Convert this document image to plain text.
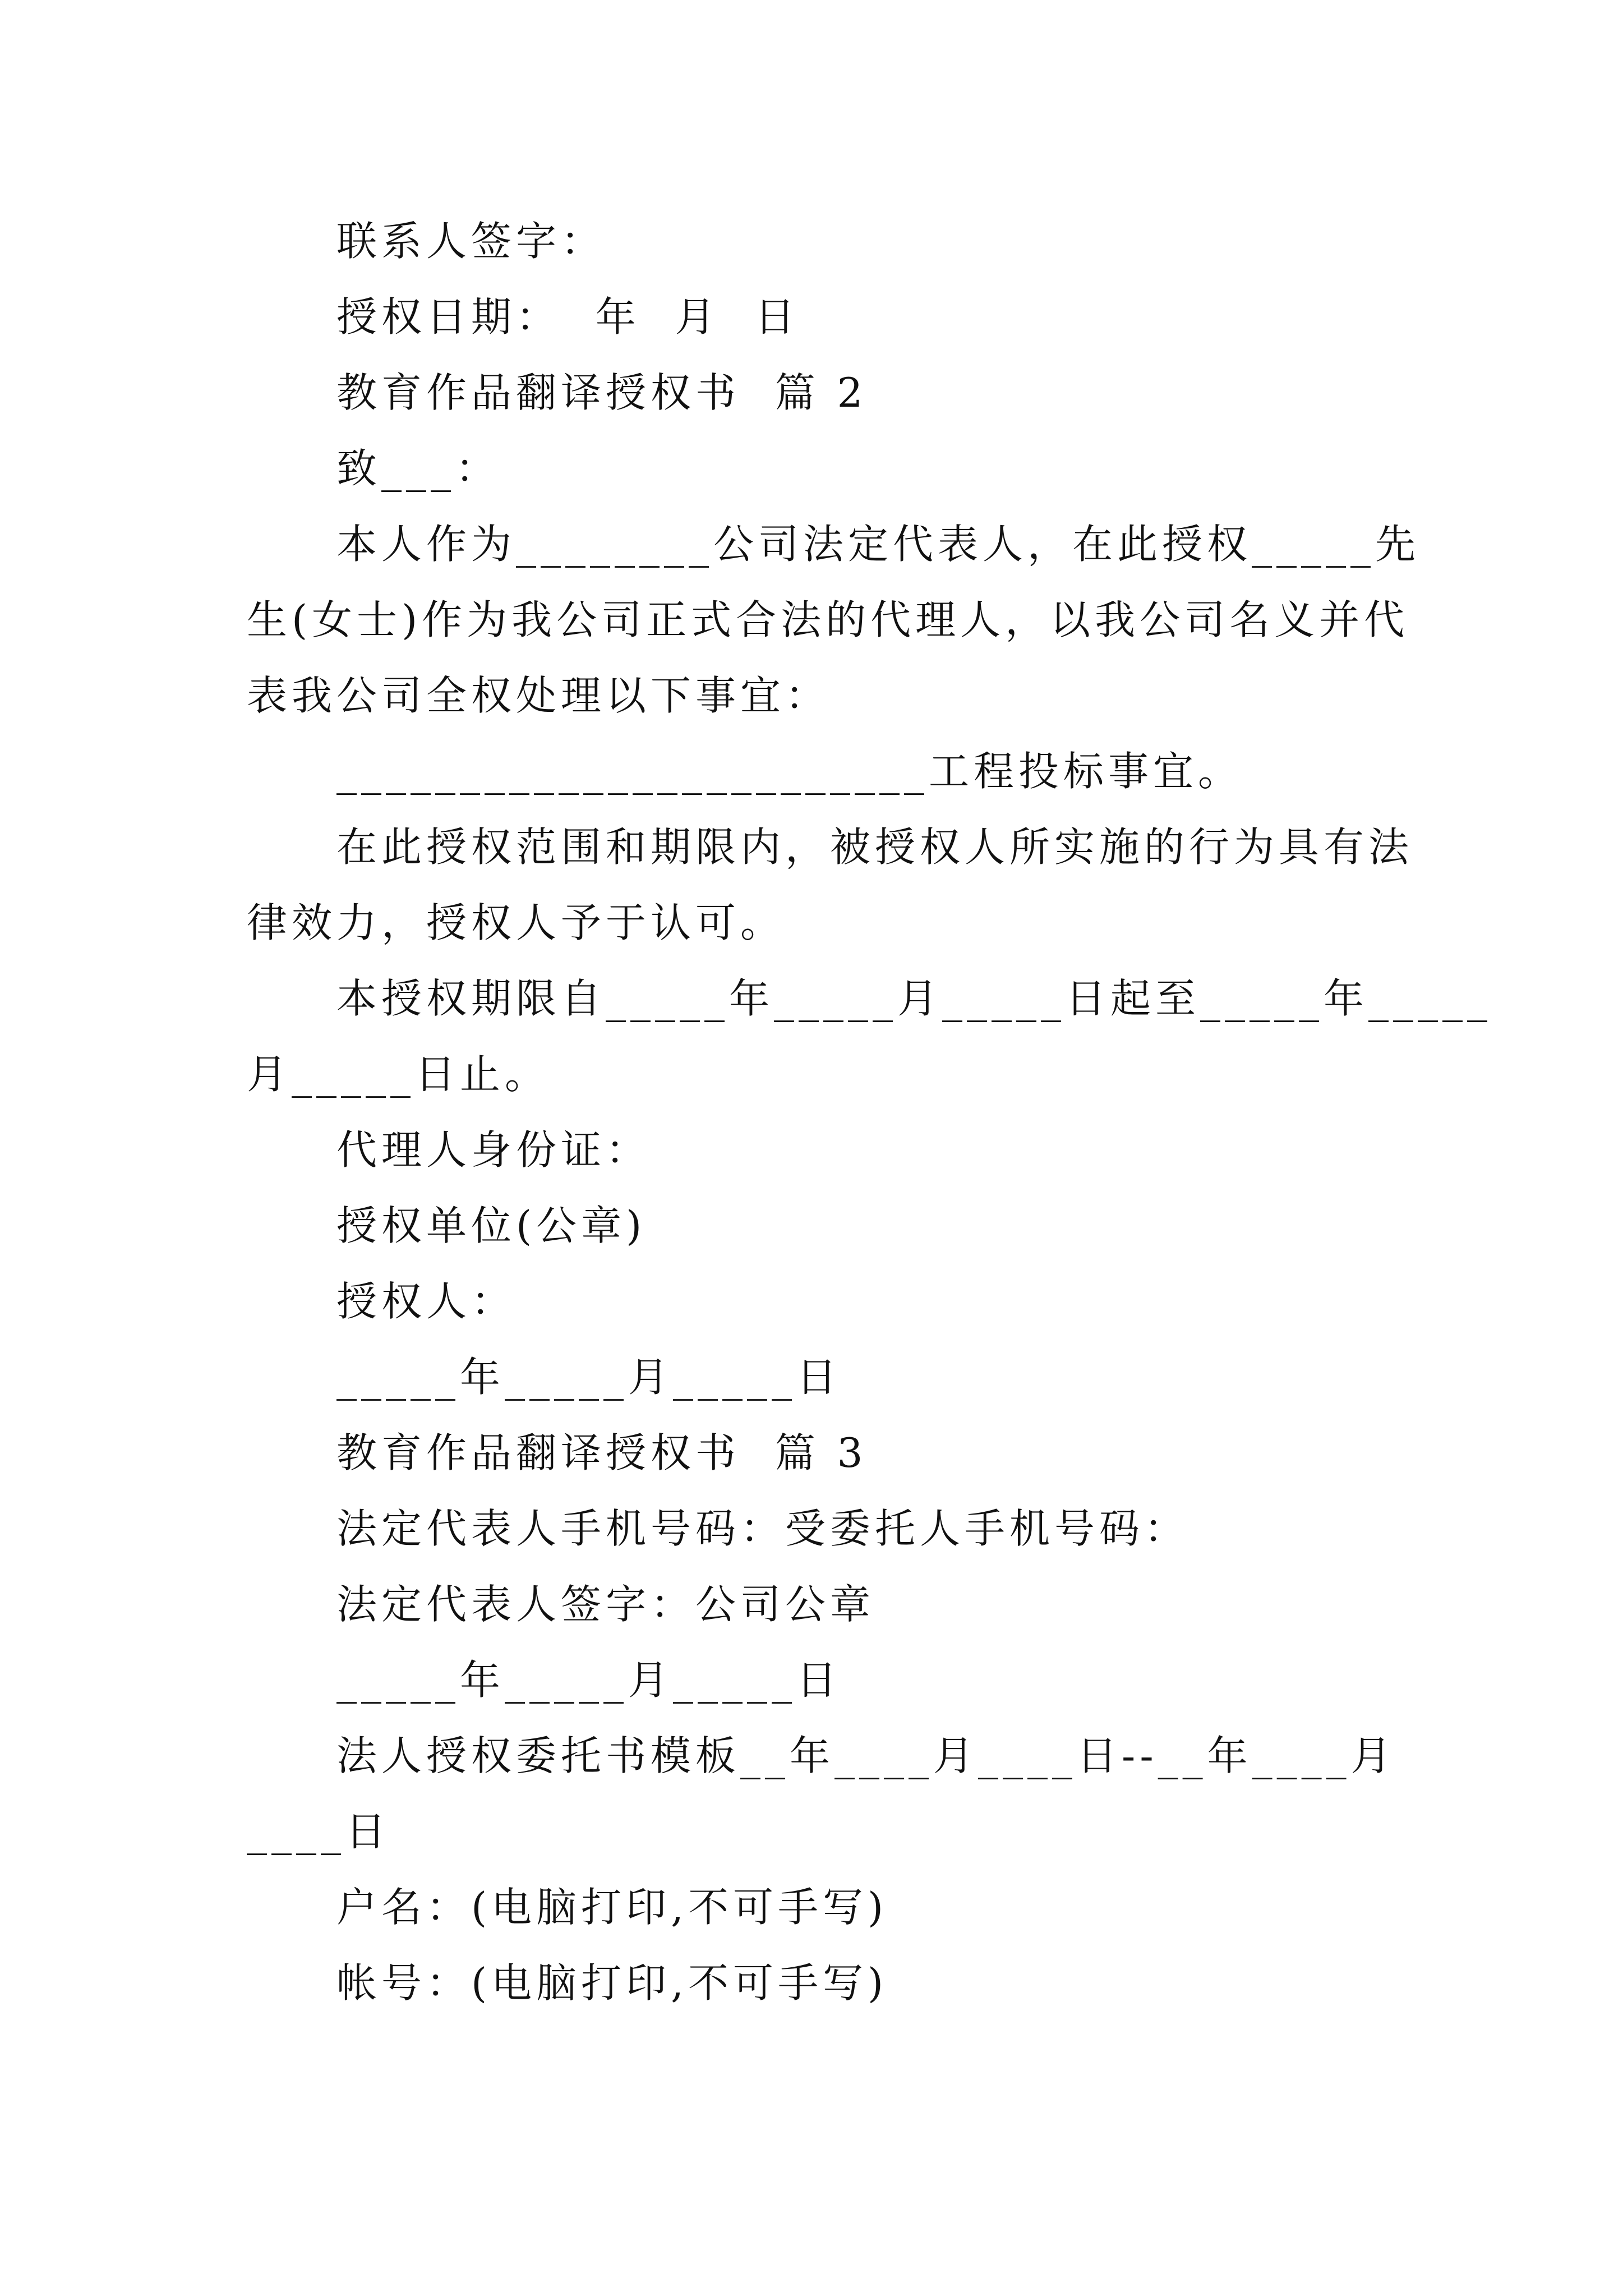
联系人签字：

授权日期：  年  月  日

教育作品翻译授权书  篇 2

致___：

本人作为________公司法定代表人，在此授权_____先

生(女士)作为我公司正式合法的代理人，以我公司名义并代

表我公司全权处理以下事宜：

________________________工程投标事宜。

在此授权范围和期限内，被授权人所实施的行为具有法

律效力，授权人予于认可。

本授权期限自_____年_____月_____日起至_____年_____

月_____日止。

代理人身份证：

授权单位(公章)

授权人：

_____年_____月_____日

教育作品翻译授权书  篇 3

法定代表人手机号码：受委托人手机号码：

法定代表人签字：公司公章

_____年_____月_____日

法人授权委托书模板__年____月____日--__年____月

____日

户名：(电脑打印,不可手写)

帐号：(电脑打印,不可手写)
